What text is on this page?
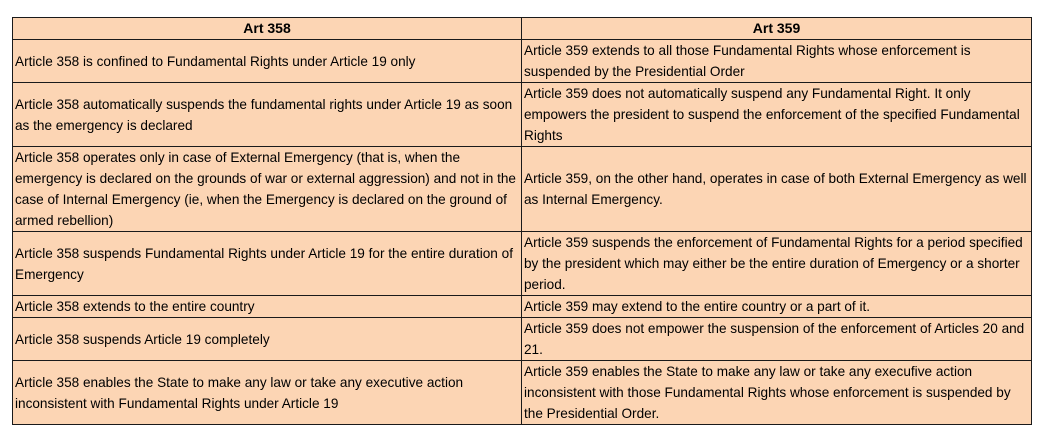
Art 358	Art 359
Article 358 is confined to Fundamental Rights under Article 19 only	Article 359 extends to all those Fundamental Rights whose enforcement is suspended by the Presidential Order
Article 358 automatically suspends the fundamental rights under Article 19 as soon as the emergency is declared	Article 359 does not automatically suspend any Fundamental Right. It only empowers the president to suspend the enforcement of the specified Fundamental Rights
Article 358 operates only in case of External Emergency (that is, when the emergency is declared on the grounds of war or external aggression) and not in the case of Internal Emergency (ie, when the Emergency is declared on the ground of armed rebellion)	Article 359, on the other hand, operates in case of both External Emergency as well as Internal Emergency.
Article 358 suspends Fundamental Rights under Article 19 for the entire duration of Emergency	Article 359 suspends the enforcement of Fundamental Rights for a period specified by the president which may either be the entire duration of Emergency or a shorter period.
Article 358 extends to the entire country	Article 359 may extend to the entire country or a part of it.
Article 358 suspends Article 19 completely	Article 359 does not empower the suspension of the enforcement of Articles 20 and 21.
Article 358 enables the State to make any law or take any executive action inconsistent with Fundamental Rights under Article 19	Article 359 enables the State to make any law or take any execufive action inconsistent with those Fundamental Rights whose enforcement is suspended by the Presidential Order.
